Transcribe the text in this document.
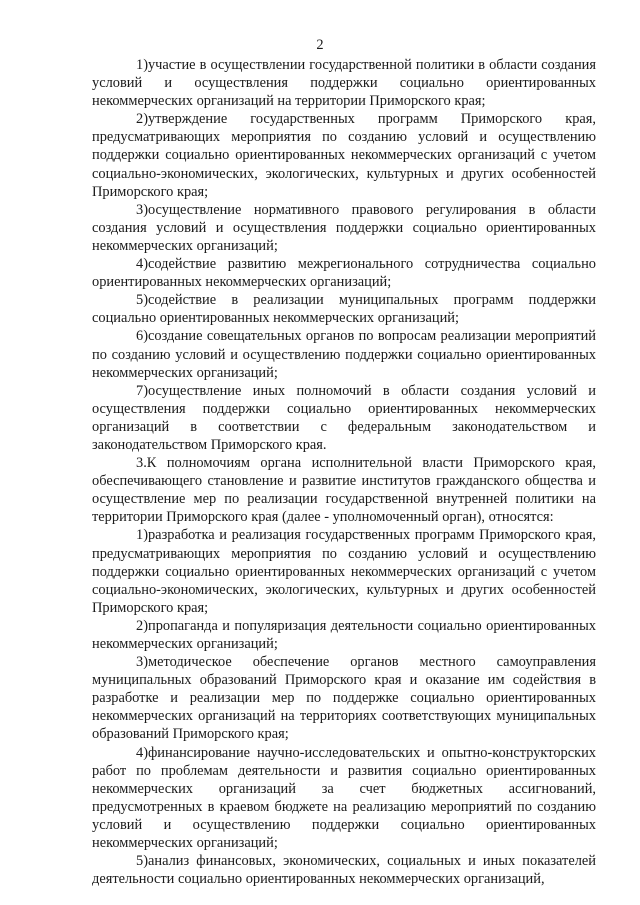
2

1)участие в осуществлении государственной политики в области создания условий и осуществления поддержки социально ориентированных некоммерческих организаций на территории Приморского края;

2)утверждение государственных программ Приморского края, предусматривающих мероприятия по созданию условий и осуществлению поддержки социально ориентированных некоммерческих организаций с учетом социально-экономических, экологических, культурных и других особенностей Приморского края;

3)осуществление нормативного правового регулирования в области создания условий и осуществления поддержки социально ориентированных некоммерческих организаций;

4)содействие развитию межрегионального сотрудничества социально ориентированных некоммерческих организаций;

5)содействие в реализации муниципальных программ поддержки социально ориентированных некоммерческих организаций;

6)создание совещательных органов по вопросам реализации мероприятий по созданию условий и осуществлению поддержки социально ориентированных некоммерческих организаций;

7)осуществление иных полномочий в области создания условий и осуществления поддержки социально ориентированных некоммерческих организаций в соответствии с федеральным законодательством и законодательством Приморского края.

3.К полномочиям органа исполнительной власти Приморского края, обеспечивающего становление и развитие институтов гражданского общества и осуществление мер по реализации государственной внутренней политики на территории Приморского края (далее - уполномоченный орган), относятся:

1)разработка и реализация государственных программ Приморского края, предусматривающих мероприятия по созданию условий и осуществлению поддержки социально ориентированных некоммерческих организаций с учетом социально-экономических, экологических, культурных и других особенностей Приморского края;

2)пропаганда и популяризация деятельности социально ориентированных некоммерческих организаций;

3)методическое обеспечение органов местного самоуправления муниципальных образований Приморского края и оказание им содействия в разработке и реализации мер по поддержке социально ориентированных некоммерческих организаций на территориях соответствующих муниципальных образований Приморского края;

4)финансирование научно-исследовательских и опытно-конструкторских работ по проблемам деятельности и развития социально ориентированных некоммерческих организаций за счет бюджетных ассигнований, предусмотренных в краевом бюджете на реализацию мероприятий по созданию условий и осуществлению поддержки социально ориентированных некоммерческих организаций;

5)анализ финансовых, экономических, социальных и иных показателей деятельности социально ориентированных некоммерческих организаций,
